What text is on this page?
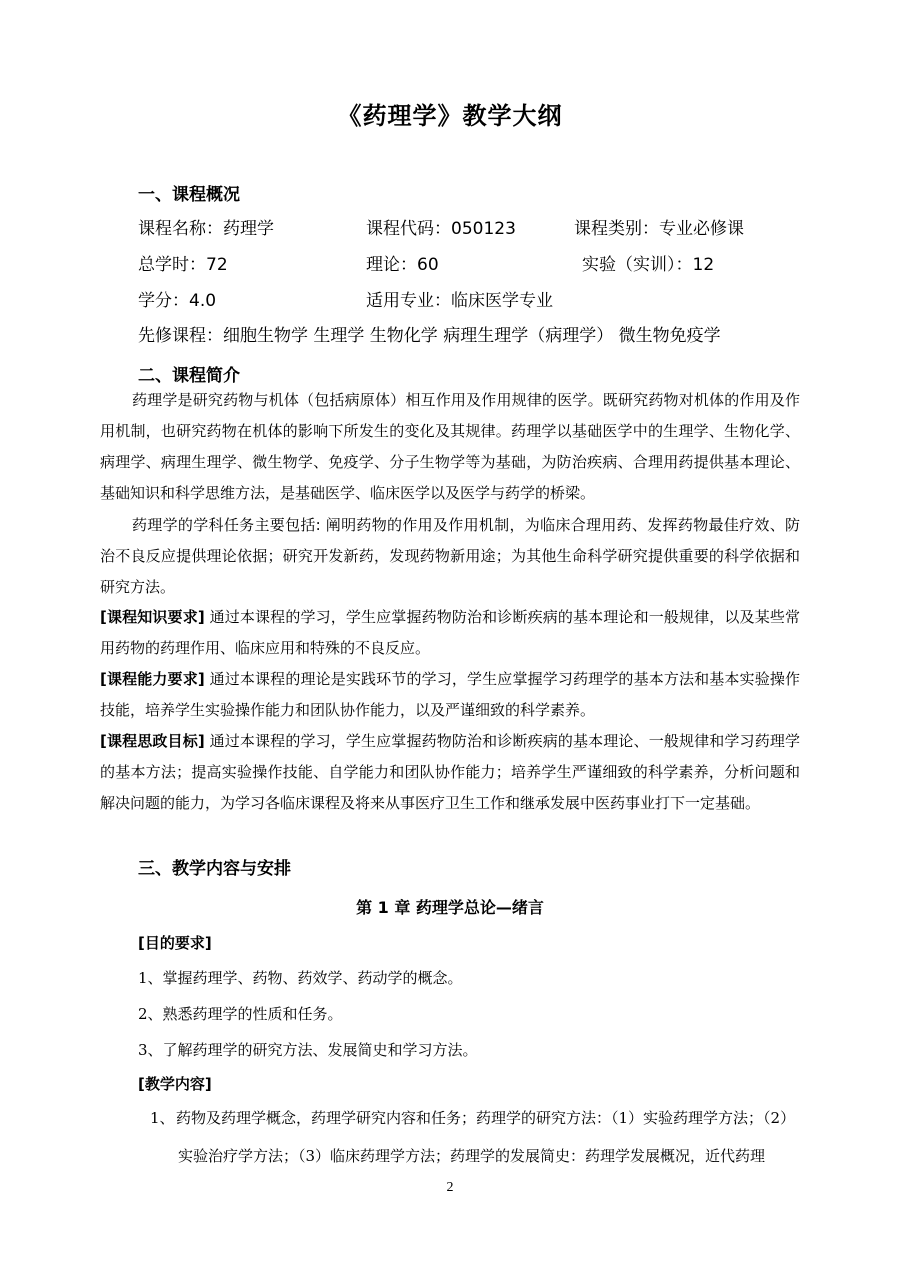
《药理学》教学大纲
一、课程概况
课程名称：药理学	课程代码：050123	课程类别：专业必修课
总学时：72	理论：60	实验（实训）：12
学分：4.0	适用专业：临床医学专业
先修课程：细胞生物学 生理学 生物化学 病理生理学（病理学） 微生物免疫学
二、课程简介
药理学是研究药物与机体（包括病原体）相互作用及作用规律的医学。既研究药物对机体的作用及作用机制，也研究药物在机体的影响下所发生的变化及其规律。药理学以基础医学中的生理学、生物化学、病理学、病理生理学、微生物学、免疫学、分子生物学等为基础，为防治疾病、合理用药提供基本理论、基础知识和科学思维方法，是基础医学、临床医学以及医学与药学的桥梁。
药理学的学科任务主要包括: 阐明药物的作用及作用机制，为临床合理用药、发挥药物最佳疗效、防治不良反应提供理论依据；研究开发新药，发现药物新用途；为其他生命科学研究提供重要的科学依据和研究方法。
[课程知识要求] 通过本课程的学习，学生应掌握药物防治和诊断疾病的基本理论和一般规律，以及某些常用药物的药理作用、临床应用和特殊的不良反应。
[课程能力要求] 通过本课程的理论是实践环节的学习，学生应掌握学习药理学的基本方法和基本实验操作技能，培养学生实验操作能力和团队协作能力，以及严谨细致的科学素养。
[课程思政目标] 通过本课程的学习，学生应掌握药物防治和诊断疾病的基本理论、一般规律和学习药理学的基本方法；提高实验操作技能、自学能力和团队协作能力；培养学生严谨细致的科学素养，分析问题和解决问题的能力，为学习各临床课程及将来从事医疗卫生工作和继承发展中医药事业打下一定基础。
三、教学内容与安排
第 1 章 药理学总论—绪言
[目的要求]
1、掌握药理学、药物、药效学、药动学的概念。
2、熟悉药理学的性质和任务。
3、了解药理学的研究方法、发展简史和学习方法。
[教学内容]
1、药物及药理学概念，药理学研究内容和任务；药理学的研究方法：（1）实验药理学方法；（2）
实验治疗学方法；（3）临床药理学方法；药理学的发展简史：药理学发展概况，近代药理
2
